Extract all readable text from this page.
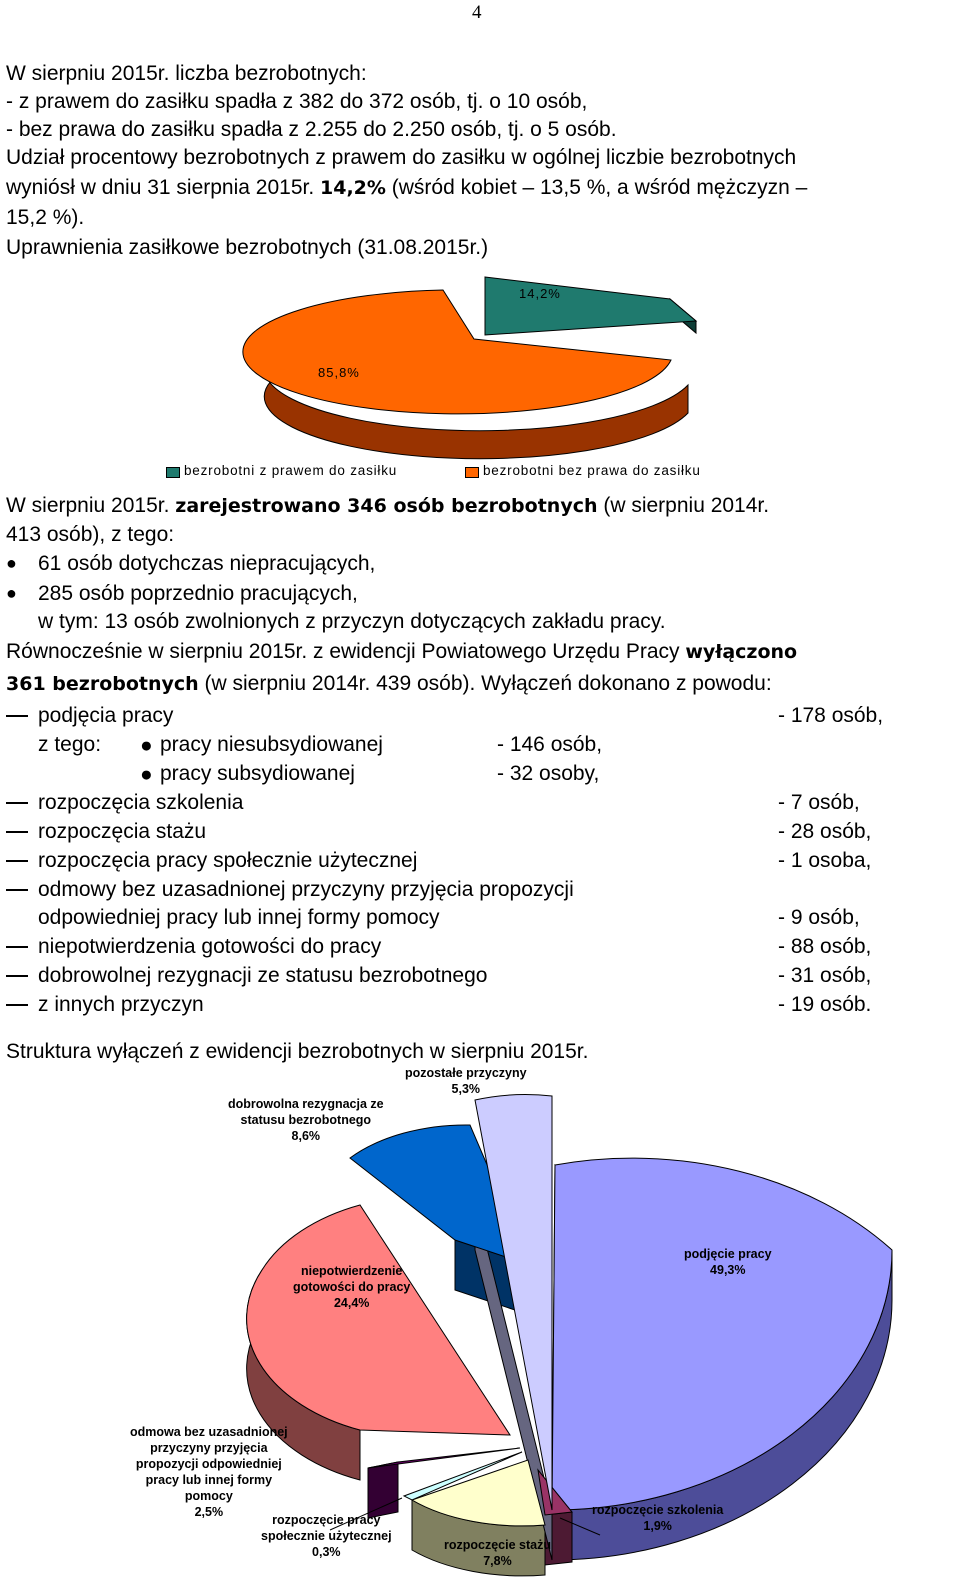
4
W sierpniu 2015r. liczba bezrobotnych:
- z prawem do zasiłku spadła z 382 do 372 osób, tj. o 10 osób,
- bez prawa do zasiłku spadła z 2.255 do 2.250 osób, tj. o 5 osób.
Udział procentowy bezrobotnych z prawem do zasiłku w ogólnej liczbie bezrobotnych
wyniósł w dniu 31 sierpnia 2015r. 14,2% (wśród kobiet – 13,5 %, a wśród mężczyzn –
15,2 %).
Uprawnienia zasiłkowe bezrobotnych (31.08.2015r.)
14,2%
85,8%
bezrobotni z prawem do zasiłku	bezrobotni bez prawa do zasiłku
W sierpniu 2015r. zarejestrowano 346 osób bezrobotnych (w sierpniu 2014r.
413 osób), z tego:
● 61 osób dotychczas niepracujących,
● 285 osób poprzednio pracujących,
w tym: 13 osób zwolnionych z przyczyn dotyczących zakładu pracy.
Równocześnie w sierpniu 2015r. z ewidencji Powiatowego Urzędu Pracy wyłączono
361 bezrobotnych (w sierpniu 2014r. 439 osób). Wyłączeń dokonano z powodu:
podjęcia pracy	- 178 osób,
z tego: ● pracy niesubsydiowanej	- 146 osób,
● pracy subsydiowanej	- 32 osoby,
rozpoczęcia szkolenia	- 7 osób,
rozpoczęcia stażu	- 28 osób,
rozpoczęcia pracy społecznie użytecznej	- 1 osoba,
odmowy bez uzasadnionej przyczyny przyjęcia propozycji
odpowiedniej pracy lub innej formy pomocy	- 9 osób,
niepotwierdzenia gotowości do pracy	- 88 osób,
dobrowolnej rezygnacji ze statusu bezrobotnego	- 31 osób,
z innych przyczyn	- 19 osób.
Struktura wyłączeń z ewidencji bezrobotnych w sierpniu 2015r.
pozostałe przyczyny
5,3%
dobrowolna rezygnacja ze
statusu bezrobotnego
8,6%
podjęcie pracy
49,3%
niepotwierdzenie
gotowości do pracy
24,4%
odmowa bez uzasadnionej
przyczyny przyjęcia
propozycji odpowiedniej
pracy lub innej formy
pomocy
2,5%
rozpoczęcie pracy
społecznie użytecznej
0,3%	rozpoczęcie stażu
7,8%
rozpoczęcie szkolenia
1,9%
